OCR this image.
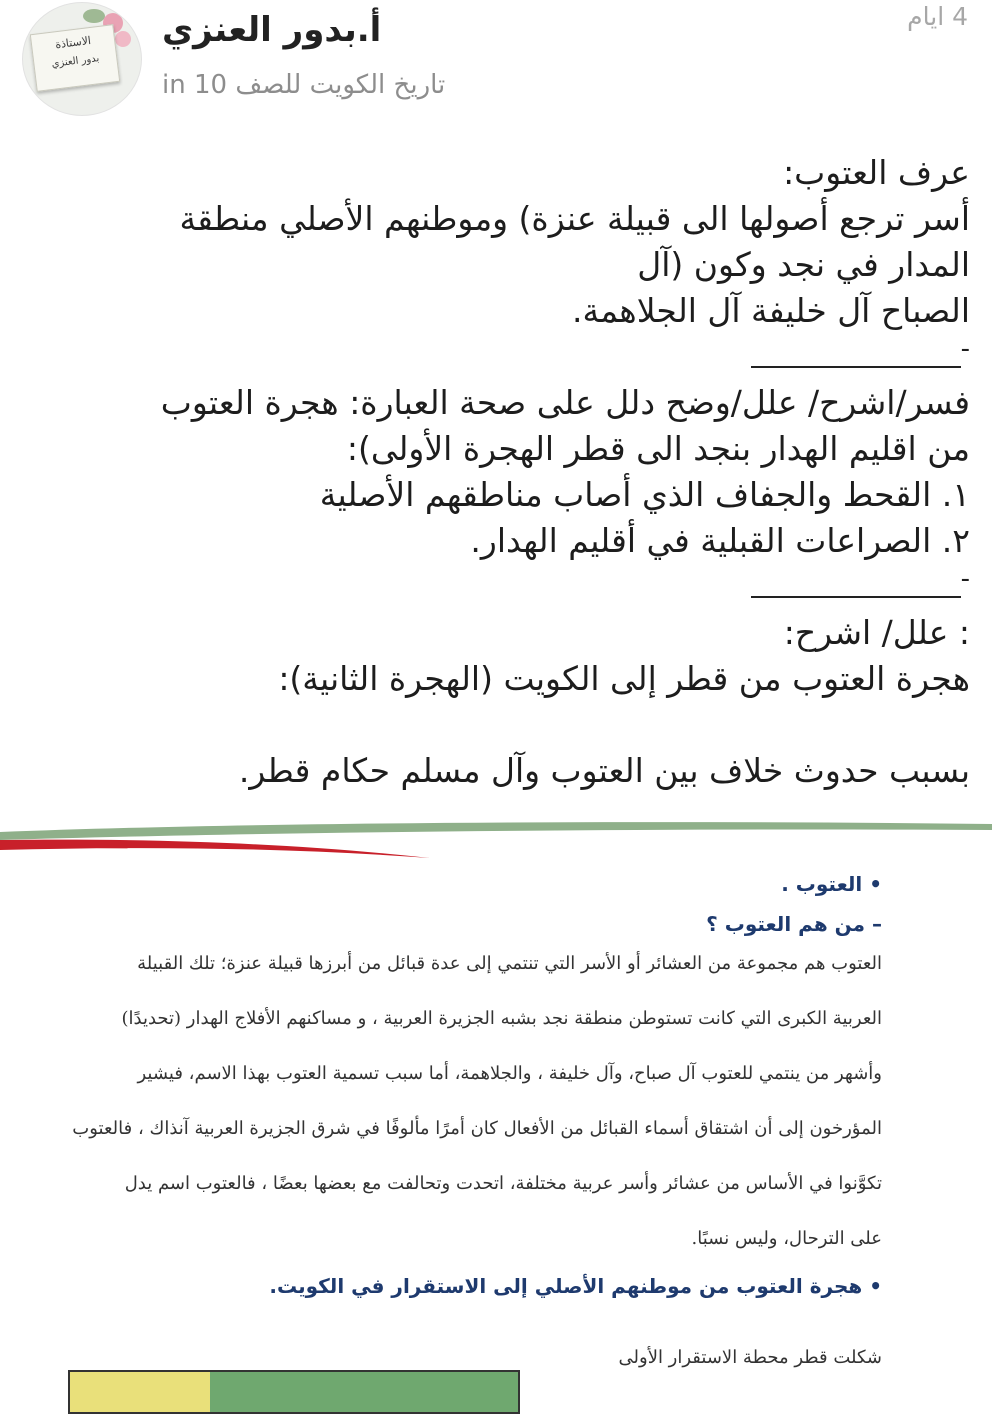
الاستاذة
بدور العنزي
أ.بدور العنزي
تاريخ الكويت للصف 10 in
4 ايام
عرف العتوب:
أسر ترجع أصولها الى قبيلة عنزة) وموطنهم الأصلي منطقة
المدار في نجد وكون (آل
الصباح آل خليفة آل الجلاهمة.
-
فسر/اشرح/ علل/وضح دلل على صحة العبارة: هجرة العتوب
من اقليم الهدار بنجد الى قطر الهجرة الأولى):
١. القحط والجفاف الذي أصاب مناطقهم الأصلية
٢. الصراعات القبلية في أقليم الهدار.
-
: علل/ اشرح:
هجرة العتوب من قطر إلى الكويت (الهجرة الثانية):
بسبب حدوث خلاف بين العتوب وآل مسلم حكام قطر.
• العتوب .
– من هم العتوب ؟
العتوب هم مجموعة من العشائر أو الأسر التي تنتمي إلى عدة قبائل من أبرزها قبيلة عنزة؛ تلك القبيلة
العربية الكبرى التي كانت تستوطن منطقة نجد بشبه الجزيرة العربية ، و مساكنهم الأفلاج الهدار (تحديدًا)
وأشهر من ينتمي للعتوب آل صباح، وآل خليفة ، والجلاهمة، أما سبب تسمية العتوب بهذا الاسم، فيشير
المؤرخون إلى أن اشتقاق أسماء القبائل من الأفعال كان أمرًا مألوفًا في شرق الجزيرة العربية آنذاك ، فالعتوب
تكوَّنوا في الأساس من عشائر وأسر عربية مختلفة، اتحدت وتحالفت مع بعضها بعضًا ، فالعتوب اسم يدل
على الترحال، وليس نسبًا.
• هجرة العتوب من موطنهم الأصلي إلى الاستقرار في الكويت.
شكلت قطر محطة الاستقرار الأولى
